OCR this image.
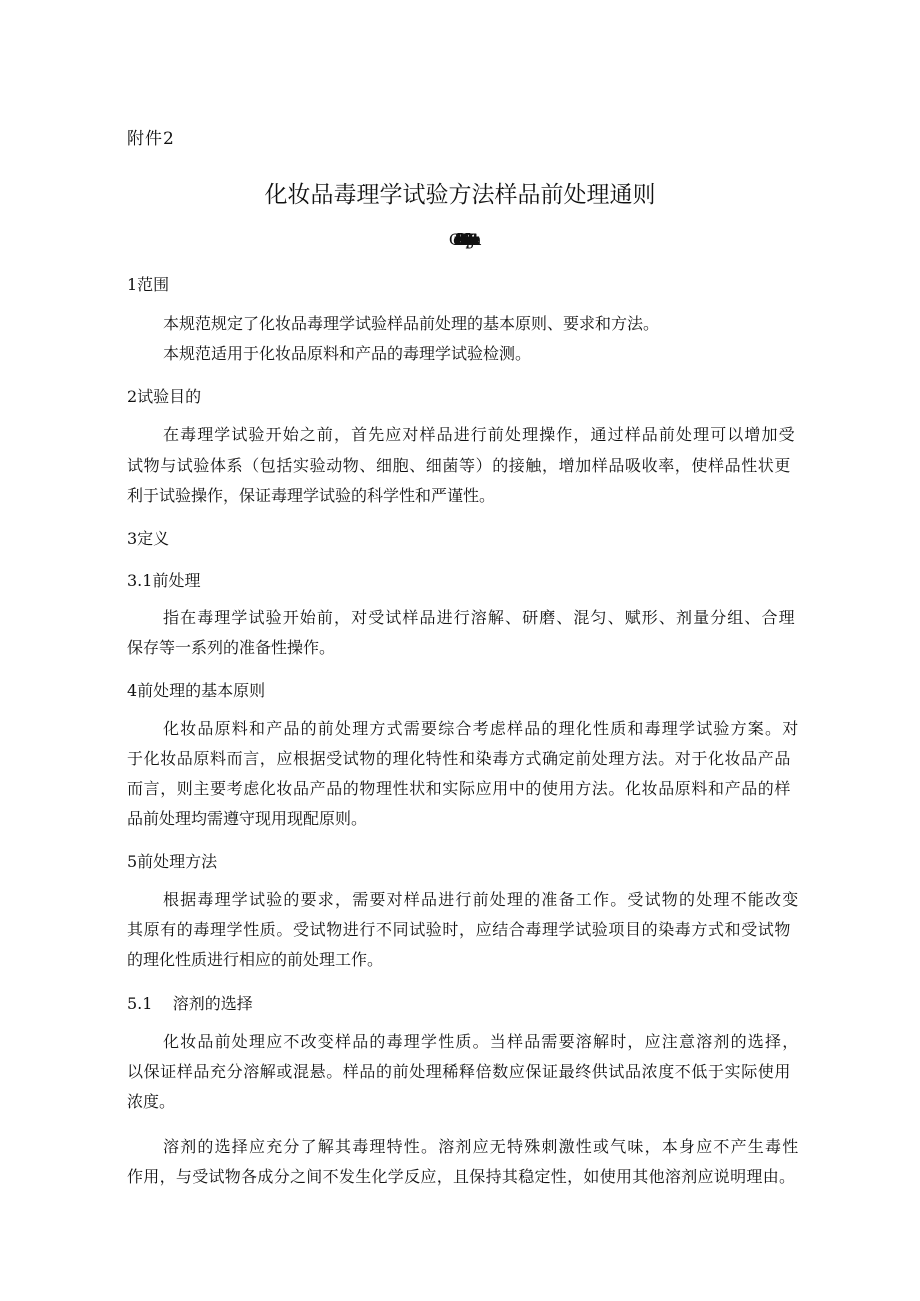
附件2
化妆品毒理学试验方法样品前处理通则
GeneralRuleforPretreatmentofCosmeticinToxicologicalExperiments
1范围
本规范规定了化妆品毒理学试验样品前处理的基本原则、要求和方法。
本规范适用于化妆品原料和产品的毒理学试验检测。
2试验目的
在毒理学试验开始之前，首先应对样品进行前处理操作，通过样品前处理可以增加受
试物与试验体系（包括实验动物、细胞、细菌等）的接触，增加样品吸收率，使样品性状更
利于试验操作，保证毒理学试验的科学性和严谨性。
3定义
3.1前处理
指在毒理学试验开始前，对受试样品进行溶解、研磨、混匀、赋形、剂量分组、合理
保存等一系列的准备性操作。
4前处理的基本原则
化妆品原料和产品的前处理方式需要综合考虑样品的理化性质和毒理学试验方案。对
于化妆品原料而言，应根据受试物的理化特性和染毒方式确定前处理方法。对于化妆品产品
而言，则主要考虑化妆品产品的物理性状和实际应用中的使用方法。化妆品原料和产品的样
品前处理均需遵守现用现配原则。
5前处理方法
根据毒理学试验的要求，需要对样品进行前处理的准备工作。受试物的处理不能改变
其原有的毒理学性质。受试物进行不同试验时，应结合毒理学试验项目的染毒方式和受试物
的理化性质进行相应的前处理工作。
5.1    溶剂的选择
化妆品前处理应不改变样品的毒理学性质。当样品需要溶解时，应注意溶剂的选择，
以保证样品充分溶解或混悬。样品的前处理稀释倍数应保证最终供试品浓度不低于实际使用
浓度。
溶剂的选择应充分了解其毒理特性。溶剂应无特殊刺激性或气味，本身应不产生毒性
作用，与受试物各成分之间不发生化学反应，且保持其稳定性，如使用其他溶剂应说明理由。
